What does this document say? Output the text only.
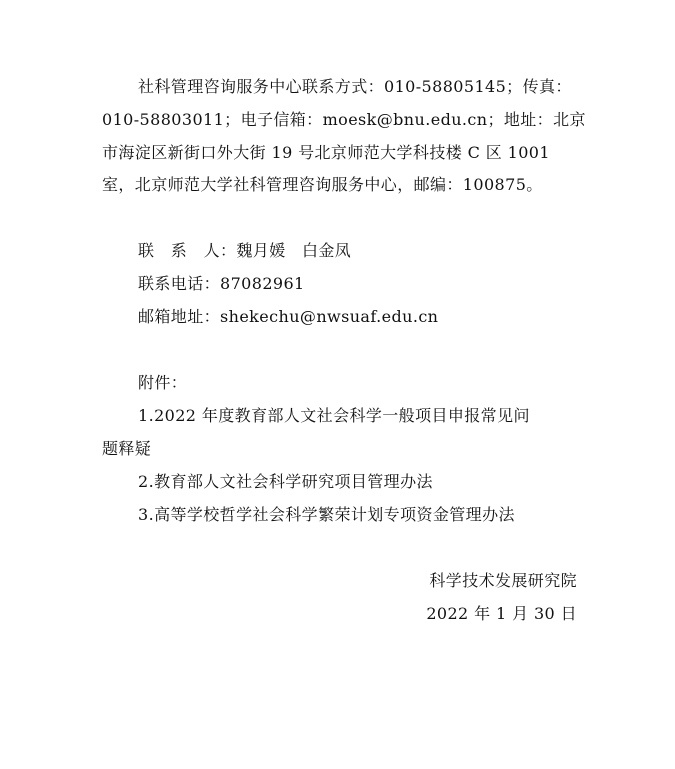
社科管理咨询服务中心联系方式：010-58805145；传真：
010-58803011；电子信箱：moesk@bnu.edu.cn；地址：北京
市海淀区新街口外大街 19 号北京师范大学科技楼 C 区 1001
室，北京师范大学社科管理咨询服务中心，邮编：100875。
联　系　人：魏月媛　白金凤
联系电话：87082961
邮箱地址：shekechu@nwsuaf.edu.cn
附件：
1.2022 年度教育部人文社会科学一般项目申报常见问
题释疑
2.教育部人文社会科学研究项目管理办法
3.高等学校哲学社会科学繁荣计划专项资金管理办法
科学技术发展研究院
2022 年 1 月 30 日
